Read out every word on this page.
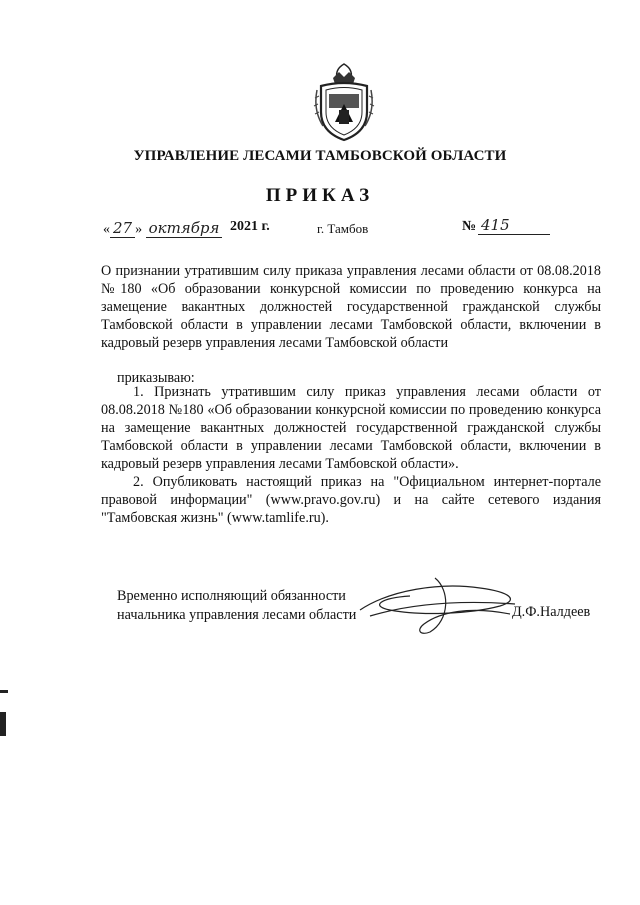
УПРАВЛЕНИЕ ЛЕСАМИ ТАМБОВСКОЙ ОБЛАСТИ
ПРИКАЗ
« 27 » октября 2021 г.	г. Тамбов	№ 415
О признании утратившим силу приказа управления лесами области от 08.08.2018 №180 «Об образовании конкурсной комиссии по проведению конкурса на замещение вакантных должностей государственной гражданской службы Тамбовской области в управлении лесами Тамбовской области, включении в кадровый резерв управления лесами Тамбовской области
приказываю:

1. Признать утратившим силу приказ управления лесами области от 08.08.2018 №180 «Об образовании конкурсной комиссии по проведению конкурса на замещение вакантных должностей государственной гражданской службы Тамбовской области в управлении лесами Тамбовской области, включении в кадровый резерв управления лесами Тамбовской области».

2. Опубликовать настоящий приказ на "Официальном интернет-портале правовой информации" (www.pravo.gov.ru) и на сайте сетевого издания "Тамбовская жизнь" (www.tamlife.ru).

Временно исполняющий обязанности
начальника управления лесами области	Д.Ф.Налдеев
